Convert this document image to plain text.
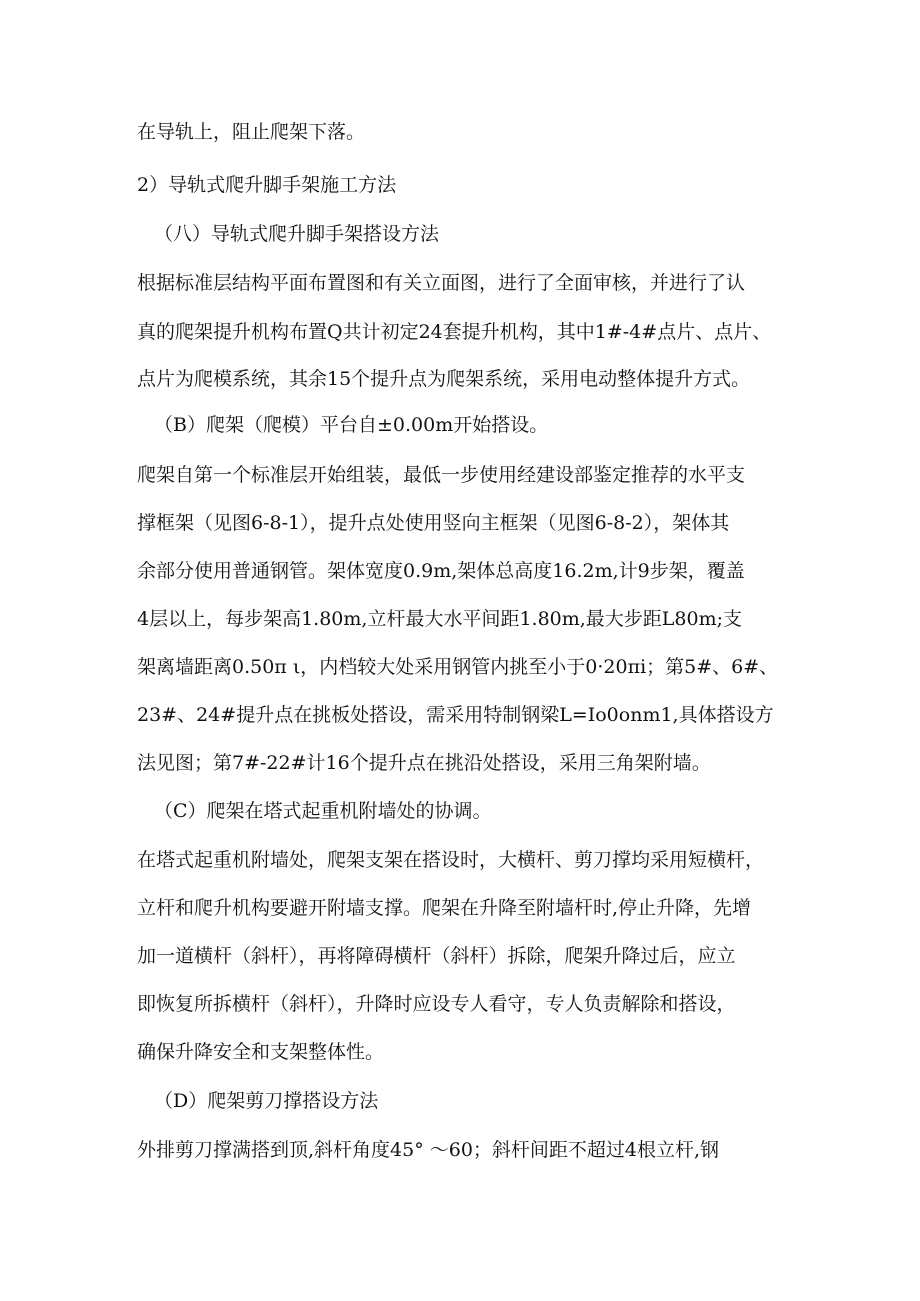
在导轨上，阻止爬架下落。
2）导轨式爬升脚手架施工方法
（八）导轨式爬升脚手架搭设方法
根据标准层结构平面布置图和有关立面图，进行了全面审核，并进行了认
真的爬架提升机构布置Q共计初定24套提升机构，其中1#-4#点片、点片、
点片为爬模系统，其余15个提升点为爬架系统，采用电动整体提升方式。
（B）爬架（爬模）平台自±0.00m开始搭设。
爬架自第一个标准层开始组装，最低一步使用经建设部鉴定推荐的水平支
撑框架（见图6-8-1），提升点处使用竖向主框架（见图6-8-2），架体其
余部分使用普通钢管。架体宽度0.9m,架体总高度16.2m,计9步架，覆盖
4层以上，每步架高1.80m,立杆最大水平间距1.80m,最大步距L80m;支
架离墙距离0.50π ι，内档较大处采用钢管内挑至小于0·20πi；第5#、6#、
23#、24#提升点在挑板处搭设，需采用特制钢梁L=Io0onm1,具体搭设方
法见图；第7#-22#计16个提升点在挑沿处搭设，采用三角架附墙。
（C）爬架在塔式起重机附墙处的协调。
在塔式起重机附墙处，爬架支架在搭设时，大横杆、剪刀撑均采用短横杆，
立杆和爬升机构要避开附墙支撑。爬架在升降至附墙杆时,停止升降，先增
加一道横杆（斜杆），再将障碍横杆（斜杆）拆除，爬架升降过后，应立
即恢复所拆横杆（斜杆），升降时应设专人看守，专人负责解除和搭设，
确保升降安全和支架整体性。
（D）爬架剪刀撑搭设方法
外排剪刀撑满搭到顶,斜杆角度45° ～60；斜杆间距不超过4根立杆,钢
